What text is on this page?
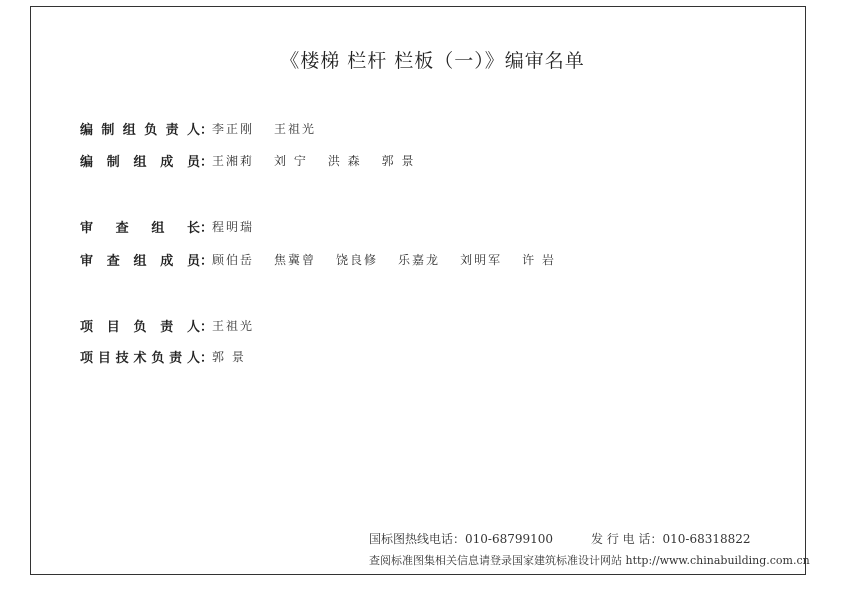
《楼梯 栏杆 栏板（一）》编审名单
编制组负责人 ：
李正刚 王祖光
编制组成员 ：
王湘莉 刘 宁 洪 森 郭 景
审查组长 ：
程明瑞
审查组成员 ：
顾伯岳 焦冀曾 饶良修 乐嘉龙 刘明军 许 岩
项目负责人 ：
王祖光
项目技术负责人 ：
郭 景
国标图热线电话：010-68799100	发 行 电 话：010-68318822
查阅标准图集相关信息请登录国家建筑标准设计网站 http://www.chinabuilding.com.cn
